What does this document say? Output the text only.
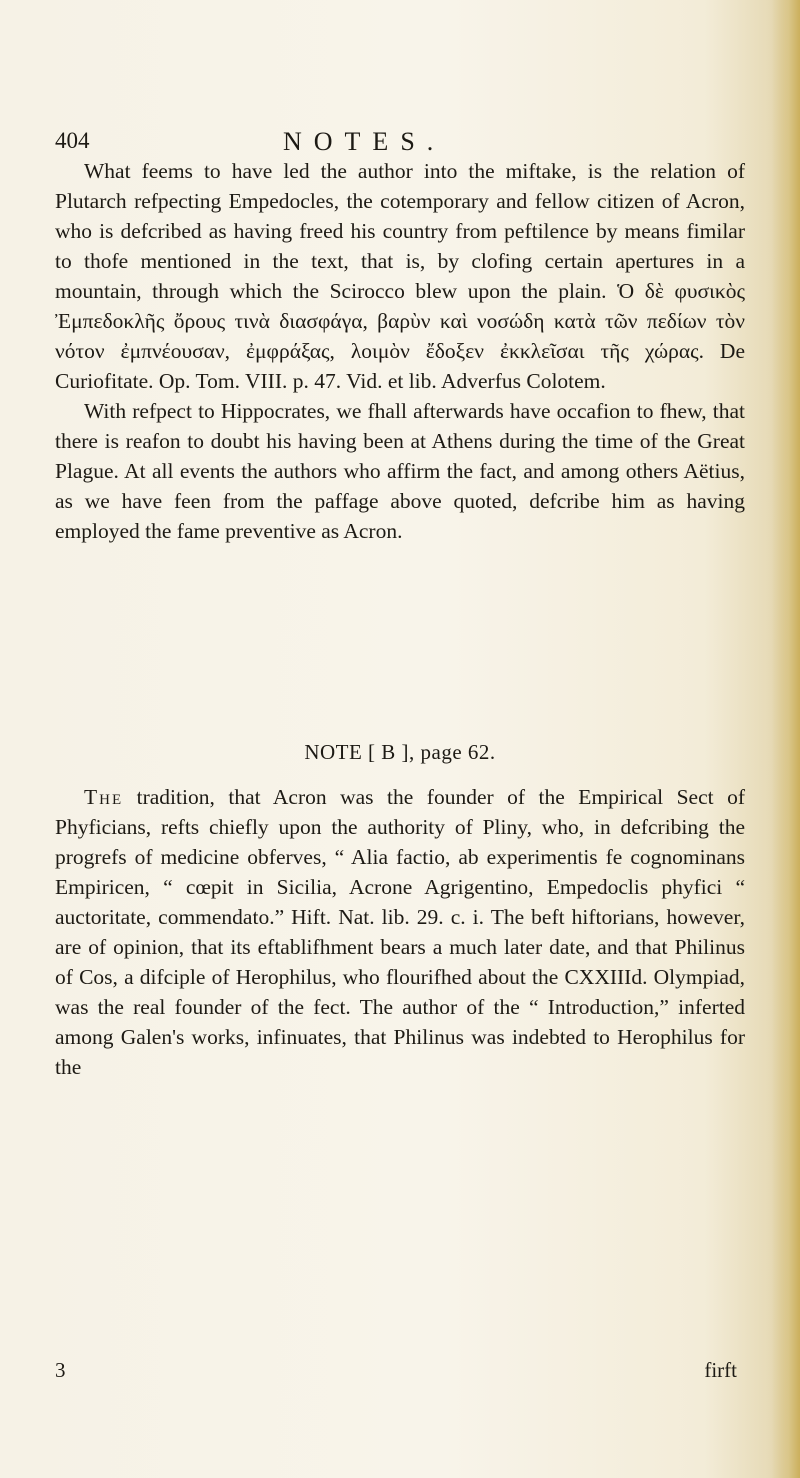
404	NOTES.

What feems to have led the author into the miftake, is the relation of Plutarch refpecting Empedocles, the cotemporary and fellow citizen of Acron, who is defcribed as having freed his country from peftilence by means fimilar to thofe mentioned in the text, that is, by clofing certain apertures in a mountain, through which the Scirocco blew upon the plain. Ὁ δὲ φυσικὸς Ἐμπεδοκλῆς ὄρους τινὰ διασφάγα, βαρὺν καὶ νοσώδη κατὰ τῶν πεδίων τὸν νότον ἐμπνέουσαν, ἐμφράξας, λοιμὸν ἔδοξεν ἐκκλεῖσαι τῆς χώρας. De Curiofitate. Op. Tom. VIII. p. 47. Vid. et lib. Adverfus Colotem.

With refpect to Hippocrates, we fhall afterwards have occafion to fhew, that there is reafon to doubt his having been at Athens during the time of the Great Plague. At all events the authors who affirm the fact, and among others Aëtius, as we have feen from the paffage above quoted, defcribe him as having employed the fame preventive as Acron.

NOTE [ B ], page 62.

The tradition, that Acron was the founder of the Empirical Sect of Phyficians, refts chiefly upon the authority of Pliny, who, in defcribing the progrefs of medicine obferves, “ Alia factio, ab experimentis fe cognominans Empiricen, “ cœpit in Sicilia, Acrone Agrigentino, Empedoclis phyfici “ auctoritate, commendato.” Hift. Nat. lib. 29. c. i. The beft hiftorians, however, are of opinion, that its eftablifhment bears a much later date, and that Philinus of Cos, a difciple of Herophilus, who flourifhed about the CXXIIId. Olympiad, was the real founder of the fect. The author of the “ Introduction,” inferted among Galen's works, infinuates, that Philinus was indebted to Herophilus for the

3	firft
